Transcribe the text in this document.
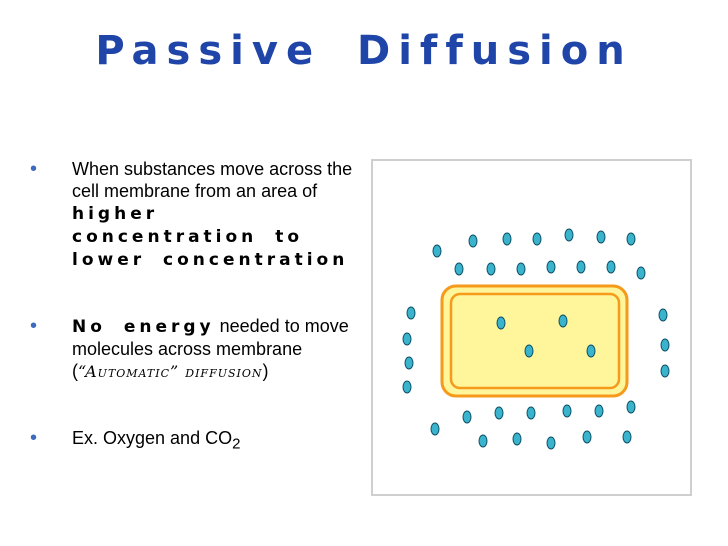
Passive Diffusion
• When substances move across the cell membrane from an area of higher concentration to lower concentration
• No energy needed to move molecules across membrane
(“Automatic” diffusion)
• Ex. Oxygen and $CO_2$
